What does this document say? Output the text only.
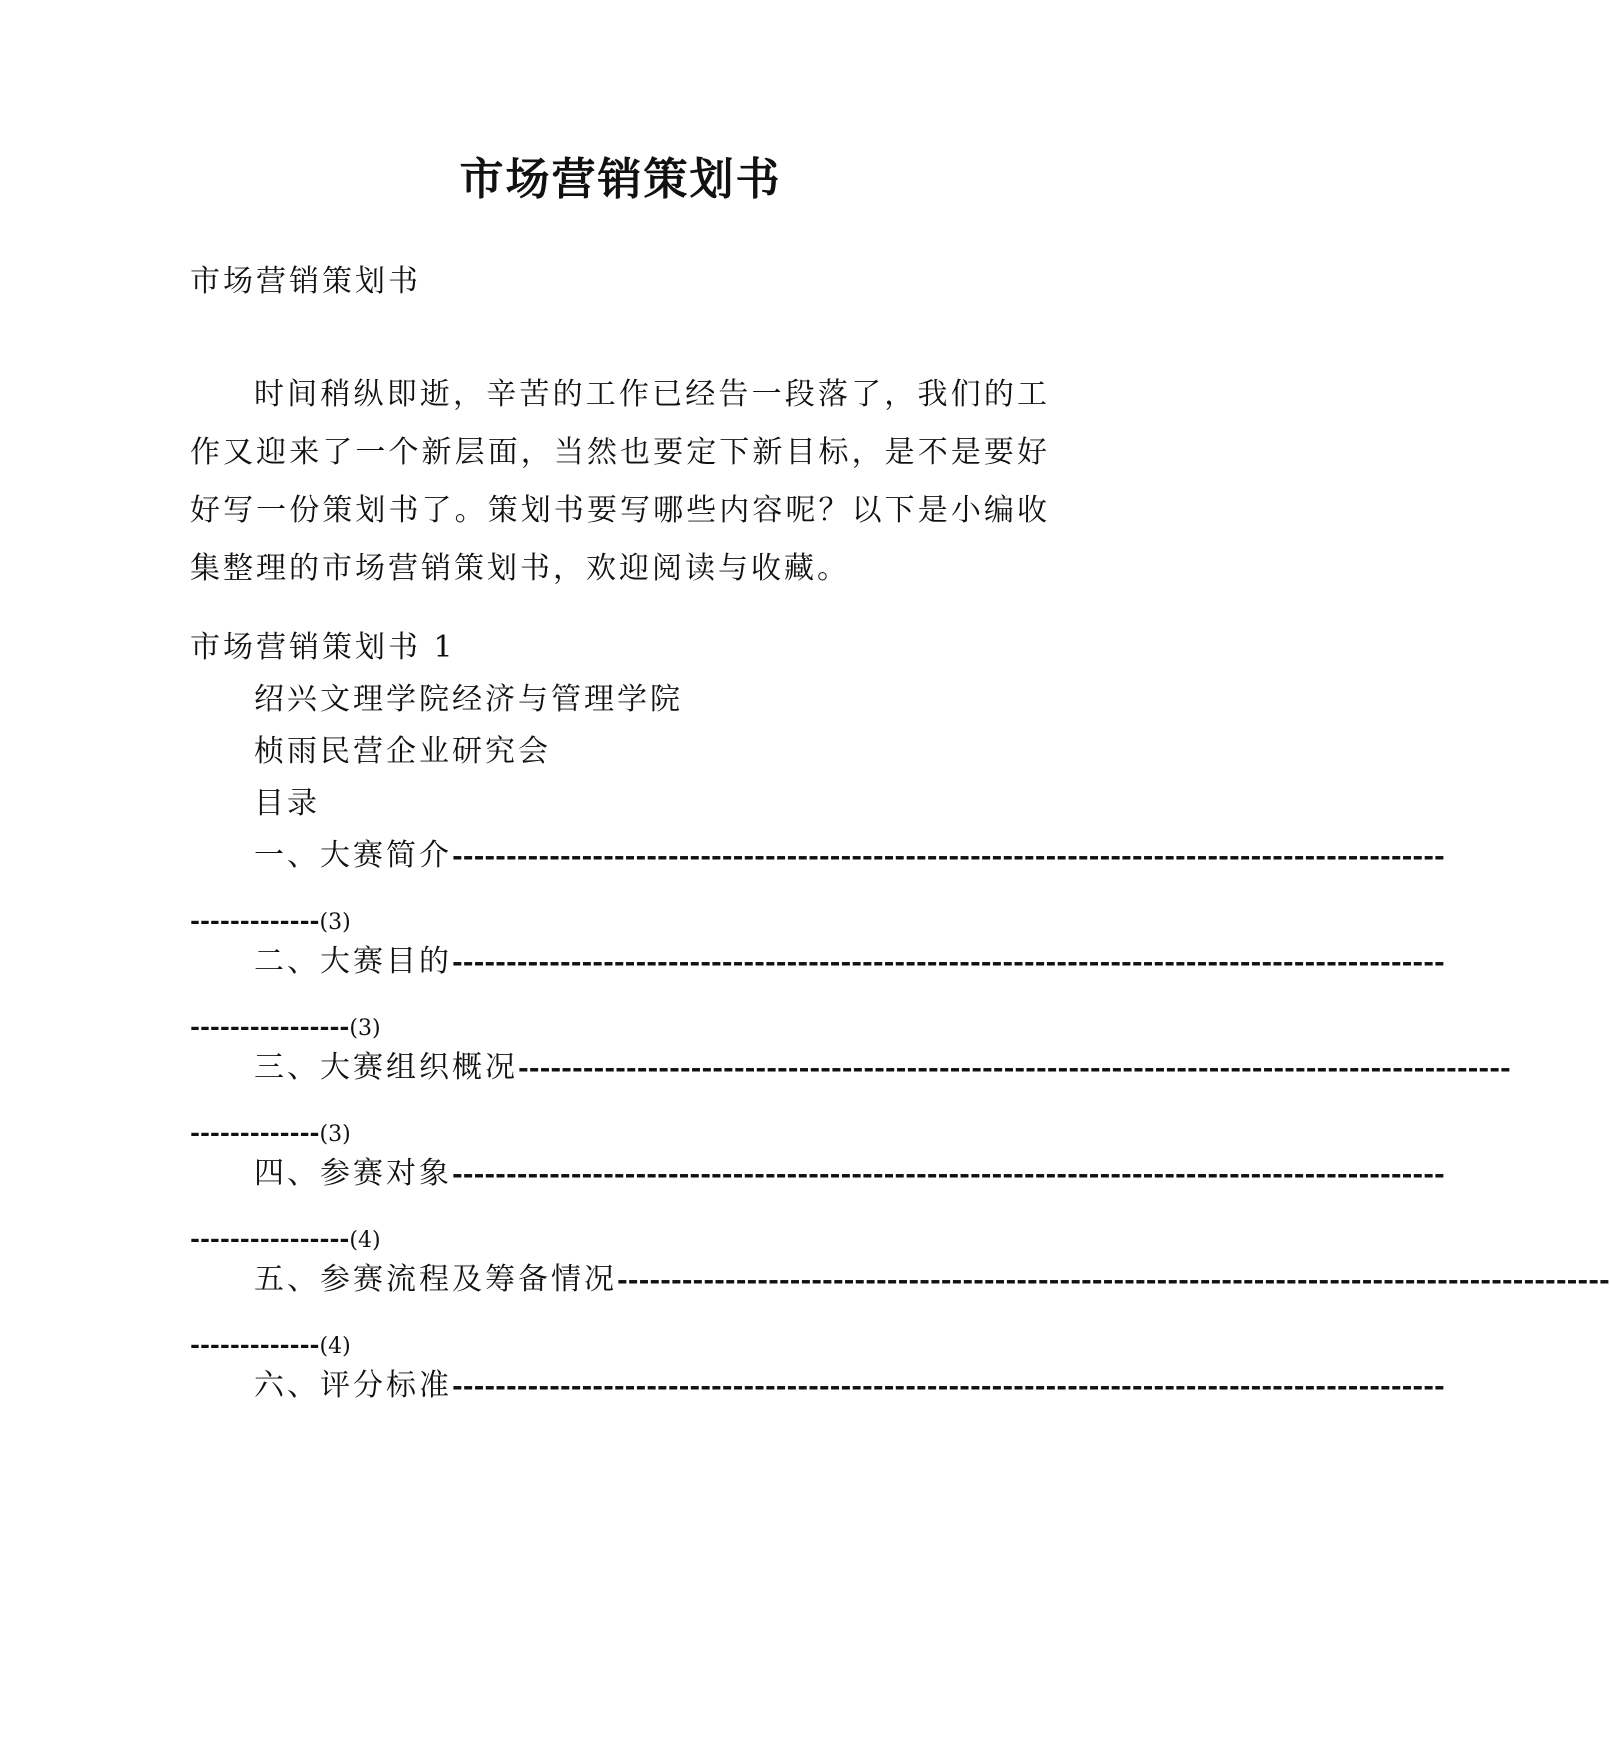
市场营销策划书
市场营销策划书
时间稍纵即逝，辛苦的工作已经告一段落了，我们的工作又迎来了一个新层面，当然也要定下新目标，是不是要好好写一份策划书了。策划书要写哪些内容呢？以下是小编收集整理的市场营销策划书，欢迎阅读与收藏。
市场营销策划书 1
绍兴文理学院经济与管理学院
桢雨民营企业研究会
目录
一、 大赛简介 --------------------------------------------------------------------------------------------
-------------(3)
二、 大赛目的 --------------------------------------------------------------------------------------------
----------------(3)
三、 大赛组织概况 --------------------------------------------------------------------------------------------
-------------(3)
四、 参赛对象 --------------------------------------------------------------------------------------------
----------------(4)
五、 参赛流程及筹备情况 --------------------------------------------------------------------------------------------
-------------(4)
六、 评分标准 --------------------------------------------------------------------------------------------
